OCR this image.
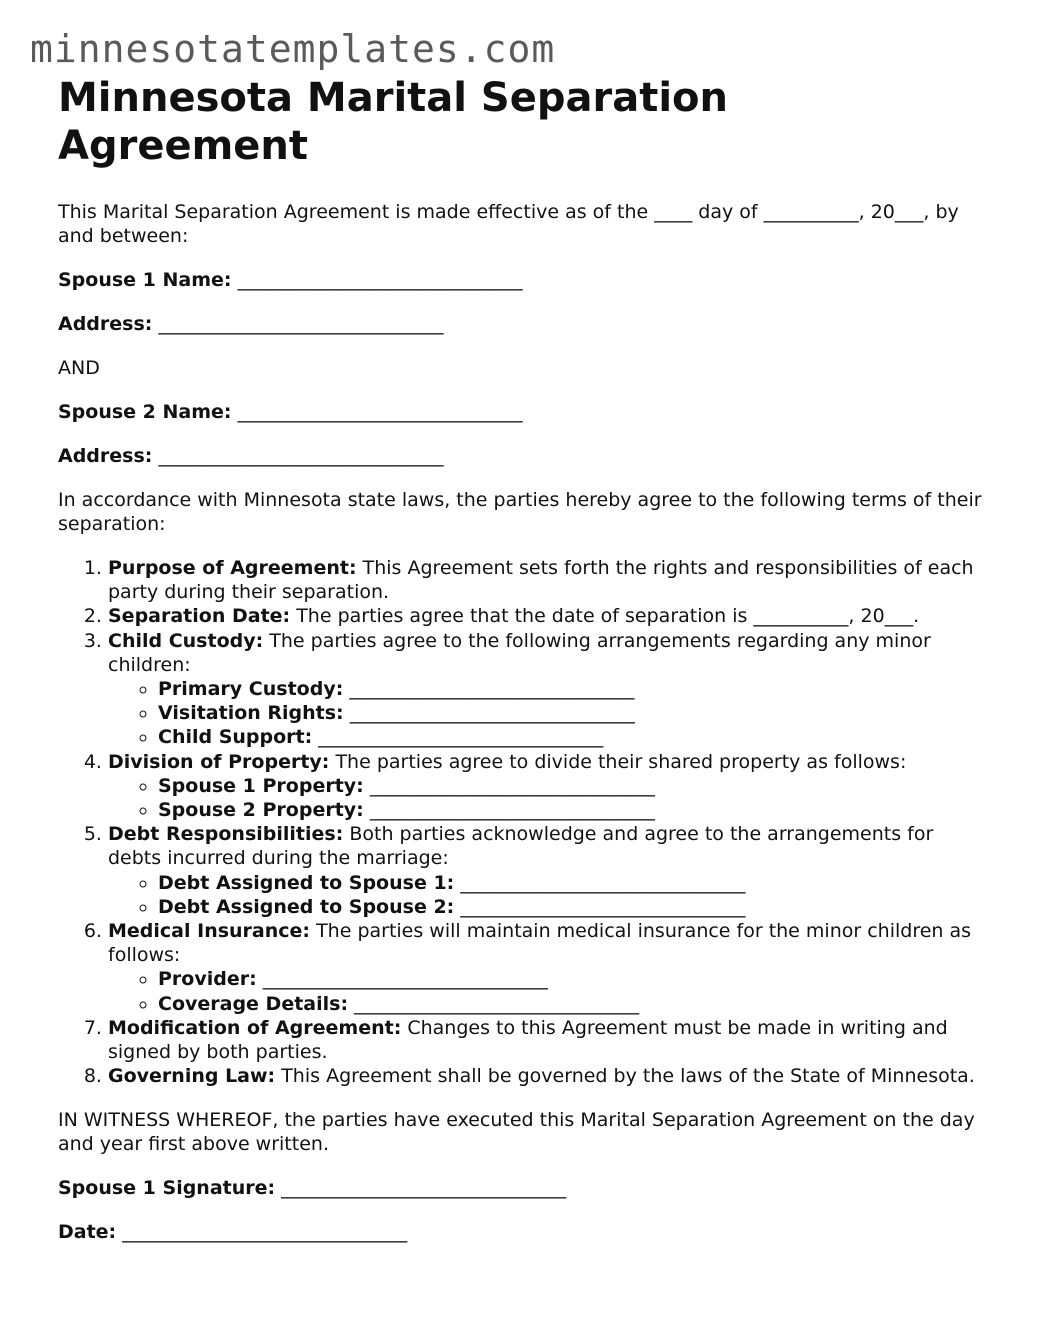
minnesotatemplates.com
Minnesota Marital Separation Agreement

This Marital Separation Agreement is made effective as of the ____ day of __________, 20___, by and between:

Spouse 1 Name: ______________________________

Address: ______________________________

AND

Spouse 2 Name: ______________________________

Address: ______________________________

In accordance with Minnesota state laws, the parties hereby agree to the following terms of their separation:

1. Purpose of Agreement: This Agreement sets forth the rights and responsibilities of each party during their separation.
2. Separation Date: The parties agree that the date of separation is __________, 20___.
3. Child Custody: The parties agree to the following arrangements regarding any minor children:
◦ Primary Custody: ______________________________
◦ Visitation Rights: ______________________________
◦ Child Support: ______________________________
4. Division of Property: The parties agree to divide their shared property as follows:
◦ Spouse 1 Property: ______________________________
◦ Spouse 2 Property: ______________________________
5. Debt Responsibilities: Both parties acknowledge and agree to the arrangements for debts incurred during the marriage:
◦ Debt Assigned to Spouse 1: ______________________________
◦ Debt Assigned to Spouse 2: ______________________________
6. Medical Insurance: The parties will maintain medical insurance for the minor children as follows:
◦ Provider: ______________________________
◦ Coverage Details: ______________________________
7. Modification of Agreement: Changes to this Agreement must be made in writing and signed by both parties.
8. Governing Law: This Agreement shall be governed by the laws of the State of Minnesota.

IN WITNESS WHEREOF, the parties have executed this Marital Separation Agreement on the day and year first above written.

Spouse 1 Signature: ______________________________

Date: ______________________________
